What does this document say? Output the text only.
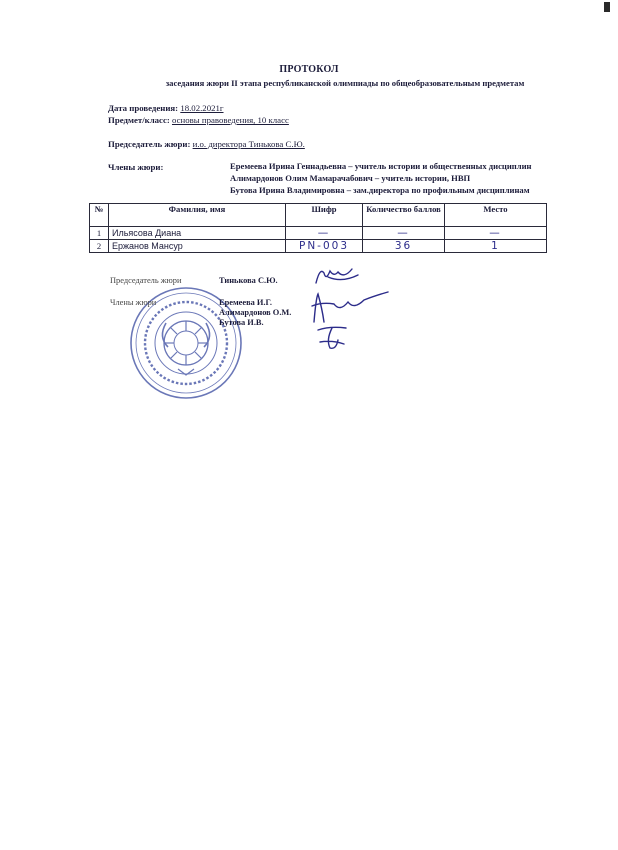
ПРОТОКОЛ
заседания жюри II этапа республиканской олимпиады по общеобразовательным предметам
Дата проведения: 18.02.2021г
Предмет/класс: основы правоведения, 10 класс
Председатель жюри: и.о. директора Тинькова С.Ю.
Члены жюри:	Еремеева Ирина Геннадьевна – учитель истории и общественных дисциплин
Алимардонов Олим Мамарачабович – учитель истории, НВП
Бутова Ирина Владимировна – зам.директора по профильным дисциплинам
№	Фамилия, имя	Шифр	Количество баллов	Место
1	Ильясова Диана	—	—	—
2	Ержанов Мансур	PN-003	36	1
Председатель жюри	Тинькова С.Ю.
Члены жюри	Еремеева И.Г.
Алимардонов О.М.
Бутова И.В.
